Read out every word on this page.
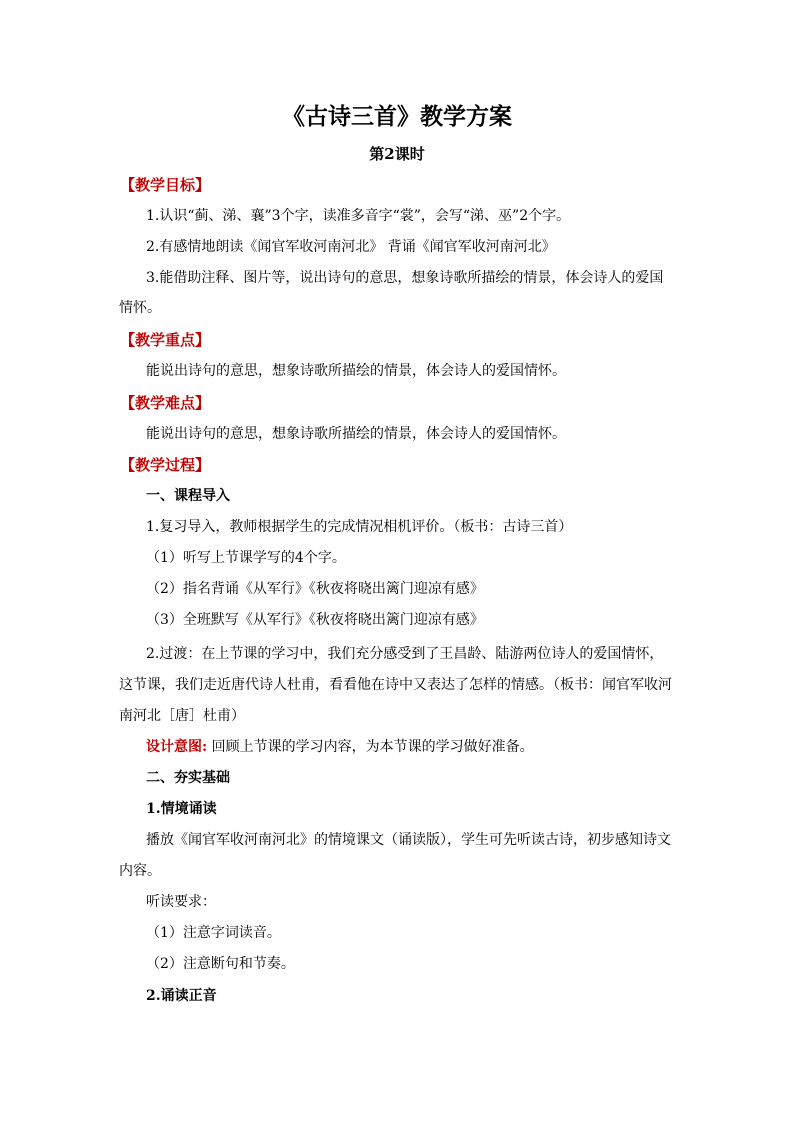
《古诗三首》教学方案
第2课时
【教学目标】
1.认识“蓟、涕、襄”3个字，读准多音字“裳”，会写“涕、巫”2个字。
2.有感情地朗读《闻官军收河南河北》 背诵《闻官军收河南河北》
3.能借助注释、图片等，说出诗句的意思，想象诗歌所描绘的情景，体会诗人的爱国
情怀。
【教学重点】
能说出诗句的意思，想象诗歌所描绘的情景，体会诗人的爱国情怀。
【教学难点】
能说出诗句的意思，想象诗歌所描绘的情景，体会诗人的爱国情怀。
【教学过程】
一、课程导入
1.复习导入，教师根据学生的完成情况相机评价。（板书：古诗三首）
（1）听写上节课学写的4个字。
（2）指名背诵《从军行》《秋夜将晓出篱门迎凉有感》
（3）全班默写《从军行》《秋夜将晓出篱门迎凉有感》
2.过渡：在上节课的学习中，我们充分感受到了王昌龄、陆游两位诗人的爱国情怀，
这节课，我们走近唐代诗人杜甫，看看他在诗中又表达了怎样的情感。（板书：闻官军收河
南河北［唐］杜甫）
设计意图: 回顾上节课的学习内容，为本节课的学习做好准备。
二、夯实基础
1.情境诵读
播放《闻官军收河南河北》的情境课文（诵读版），学生可先听读古诗，初步感知诗文
内容。
听读要求：
（1）注意字词读音。
（2）注意断句和节奏。
2.诵读正音
